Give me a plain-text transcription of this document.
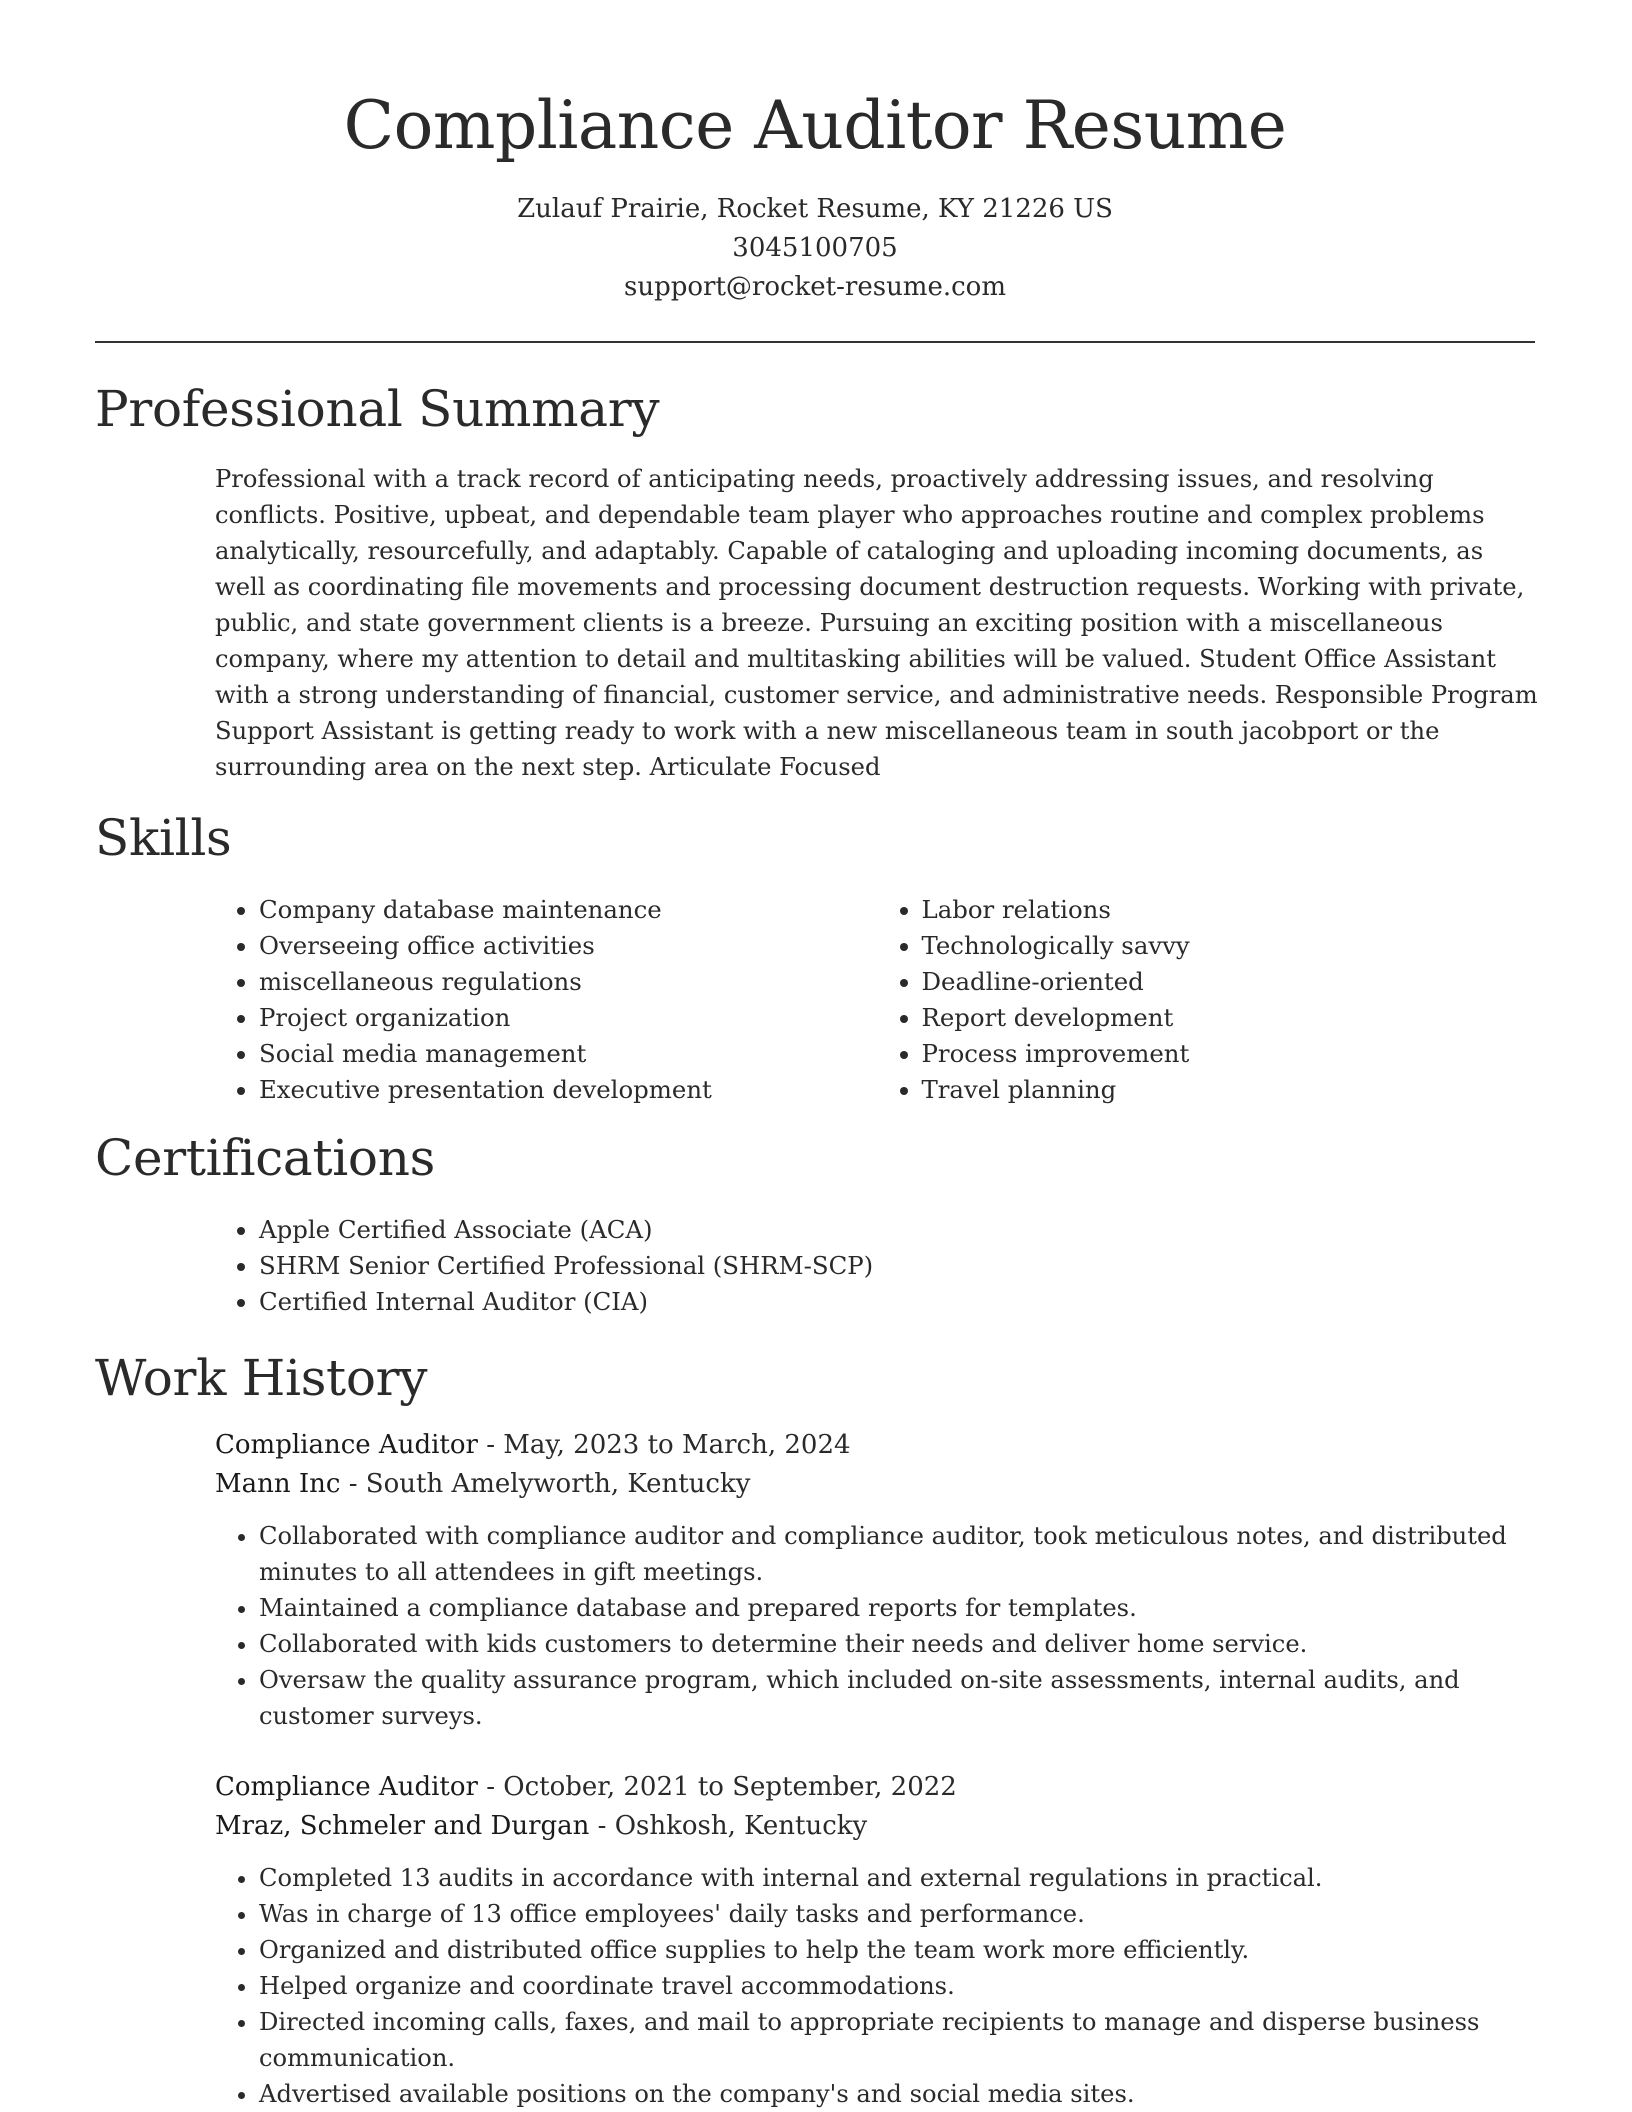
Compliance Auditor Resume
Zulauf Prairie, Rocket Resume, KY 21226 US
3045100705
support@rocket-resume.com
Professional Summary

Professional with a track record of anticipating needs, proactively addressing issues, and resolving conflicts. Positive, upbeat, and dependable team player who approaches routine and complex problems analytically, resourcefully, and adaptably. Capable of cataloging and uploading incoming documents, as well as coordinating file movements and processing document destruction requests. Working with private, public, and state government clients is a breeze. Pursuing an exciting position with a miscellaneous company, where my attention to detail and multitasking abilities will be valued. Student Office Assistant with a strong understanding of financial, customer service, and administrative needs. Responsible Program Support Assistant is getting ready to work with a new miscellaneous team in south jacobport or the surrounding area on the next step. Articulate Focused

Skills
• Company database maintenance
• Overseeing office activities
• miscellaneous regulations
• Project organization
• Social media management
• Executive presentation development
• Labor relations
• Technologically savvy
• Deadline-oriented
• Report development
• Process improvement
• Travel planning
Certifications
• Apple Certified Associate (ACA)
• SHRM Senior Certified Professional (SHRM-SCP)
• Certified Internal Auditor (CIA)
Work History
Compliance Auditor - May, 2023 to March, 2024
Mann Inc - South Amelyworth, Kentucky
• Collaborated with compliance auditor and compliance auditor, took meticulous notes, and distributed minutes to all attendees in gift meetings.
• Maintained a compliance database and prepared reports for templates.
• Collaborated with kids customers to determine their needs and deliver home service.
• Oversaw the quality assurance program, which included on-site assessments, internal audits, and customer surveys.
Compliance Auditor - October, 2021 to September, 2022
Mraz, Schmeler and Durgan - Oshkosh, Kentucky
• Completed 13 audits in accordance with internal and external regulations in practical.
• Was in charge of 13 office employees' daily tasks and performance.
• Organized and distributed office supplies to help the team work more efficiently.
• Helped organize and coordinate travel accommodations.
• Directed incoming calls, faxes, and mail to appropriate recipients to manage and disperse business communication.
• Advertised available positions on the company's and social media sites.
